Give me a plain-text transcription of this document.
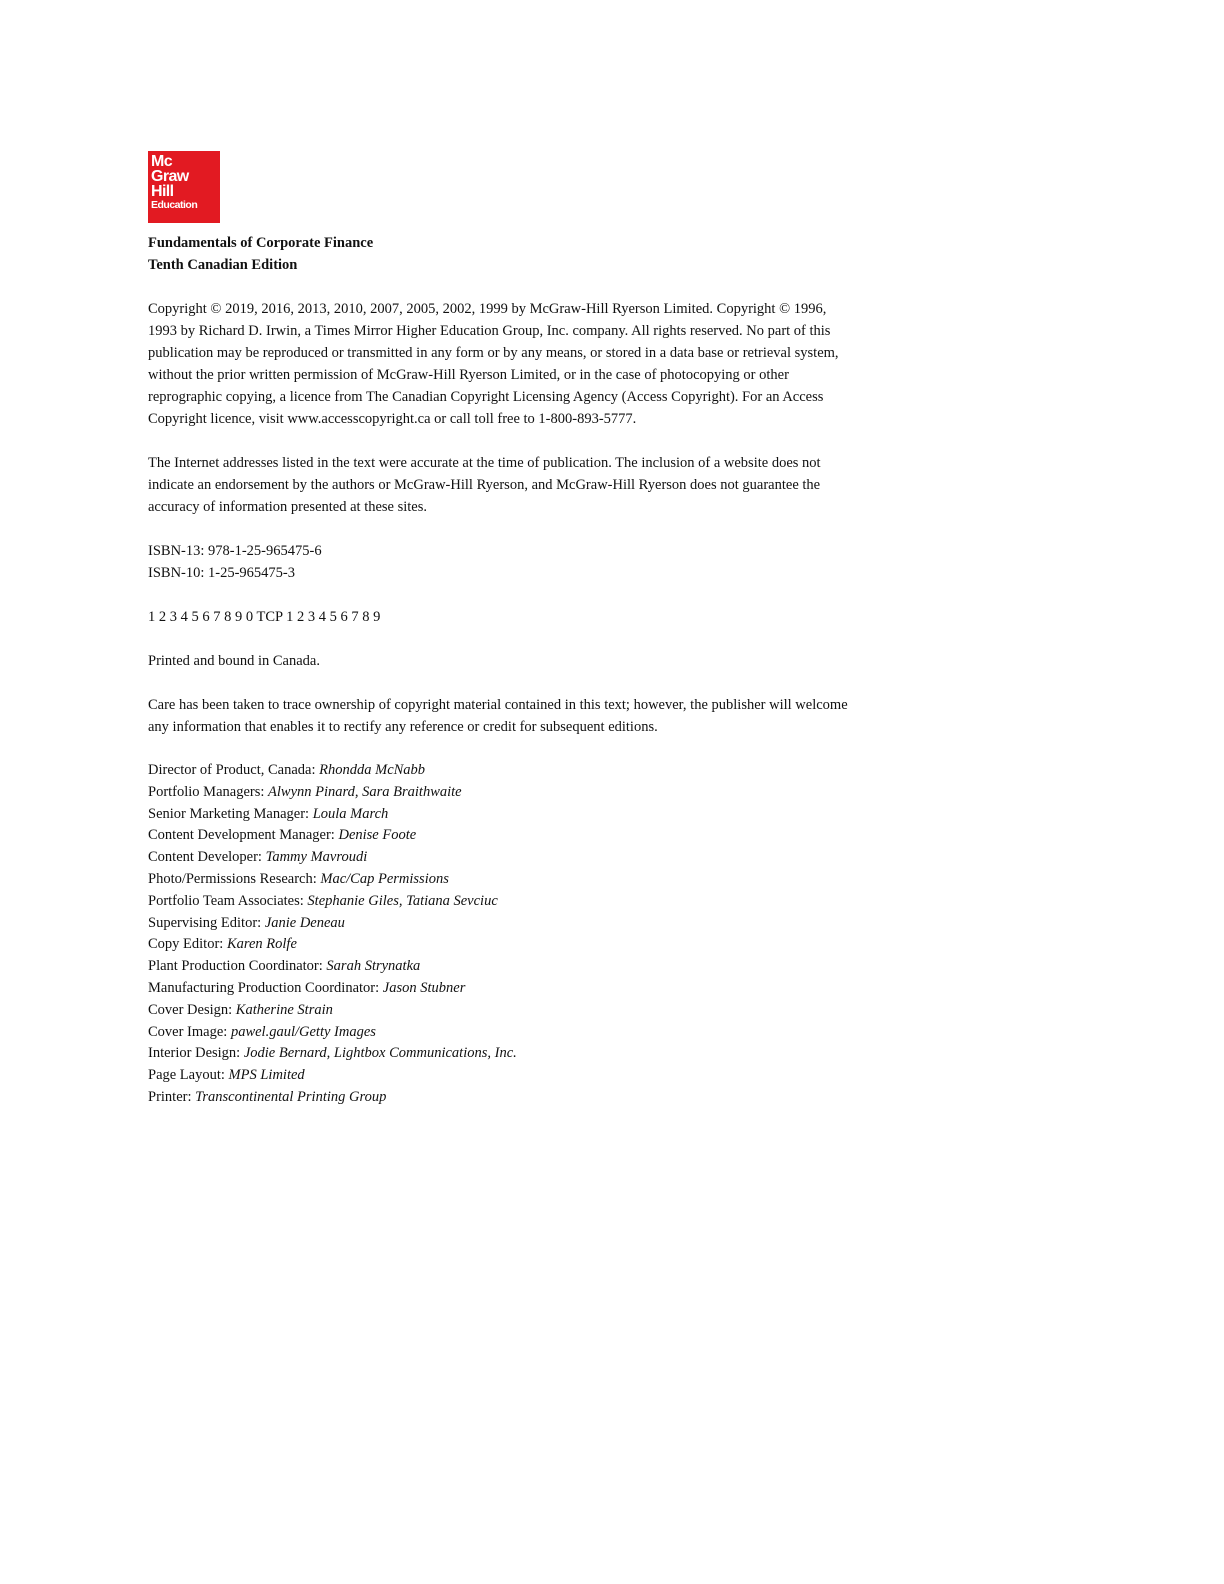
Mc
Graw
Hill
Education
Fundamentals of Corporate Finance
Tenth Canadian Edition
Copyright © 2019, 2016, 2013, 2010, 2007, 2005, 2002, 1999 by McGraw-Hill Ryerson Limited. Copyright © 1996,
1993 by Richard D. Irwin, a Times Mirror Higher Education Group, Inc. company. All rights reserved. No part of this
publication may be reproduced or transmitted in any form or by any means, or stored in a data base or retrieval system,
without the prior written permission of McGraw-Hill Ryerson Limited, or in the case of photocopying or other
reprographic copying, a licence from The Canadian Copyright Licensing Agency (Access Copyright). For an Access
Copyright licence, visit www.accesscopyright.ca or call toll free to 1-800-893-5777.
The Internet addresses listed in the text were accurate at the time of publication. The inclusion of a website does not
indicate an endorsement by the authors or McGraw-Hill Ryerson, and McGraw-Hill Ryerson does not guarantee the
accuracy of information presented at these sites.
ISBN-13: 978-1-25-965475-6
ISBN-10: 1-25-965475-3
1 2 3 4 5 6 7 8 9 0 TCP 1 2 3 4 5 6 7 8 9
Printed and bound in Canada.
Care has been taken to trace ownership of copyright material contained in this text; however, the publisher will welcome
any information that enables it to rectify any reference or credit for subsequent editions.
Director of Product, Canada: Rhondda McNabb
Portfolio Managers: Alwynn Pinard, Sara Braithwaite
Senior Marketing Manager: Loula March
Content Development Manager: Denise Foote
Content Developer: Tammy Mavroudi
Photo/Permissions Research: Mac/Cap Permissions
Portfolio Team Associates: Stephanie Giles, Tatiana Sevciuc
Supervising Editor: Janie Deneau
Copy Editor: Karen Rolfe
Plant Production Coordinator: Sarah Strynatka
Manufacturing Production Coordinator: Jason Stubner
Cover Design: Katherine Strain
Cover Image: pawel.gaul/Getty Images
Interior Design: Jodie Bernard, Lightbox Communications, Inc.
Page Layout: MPS Limited
Printer: Transcontinental Printing Group
